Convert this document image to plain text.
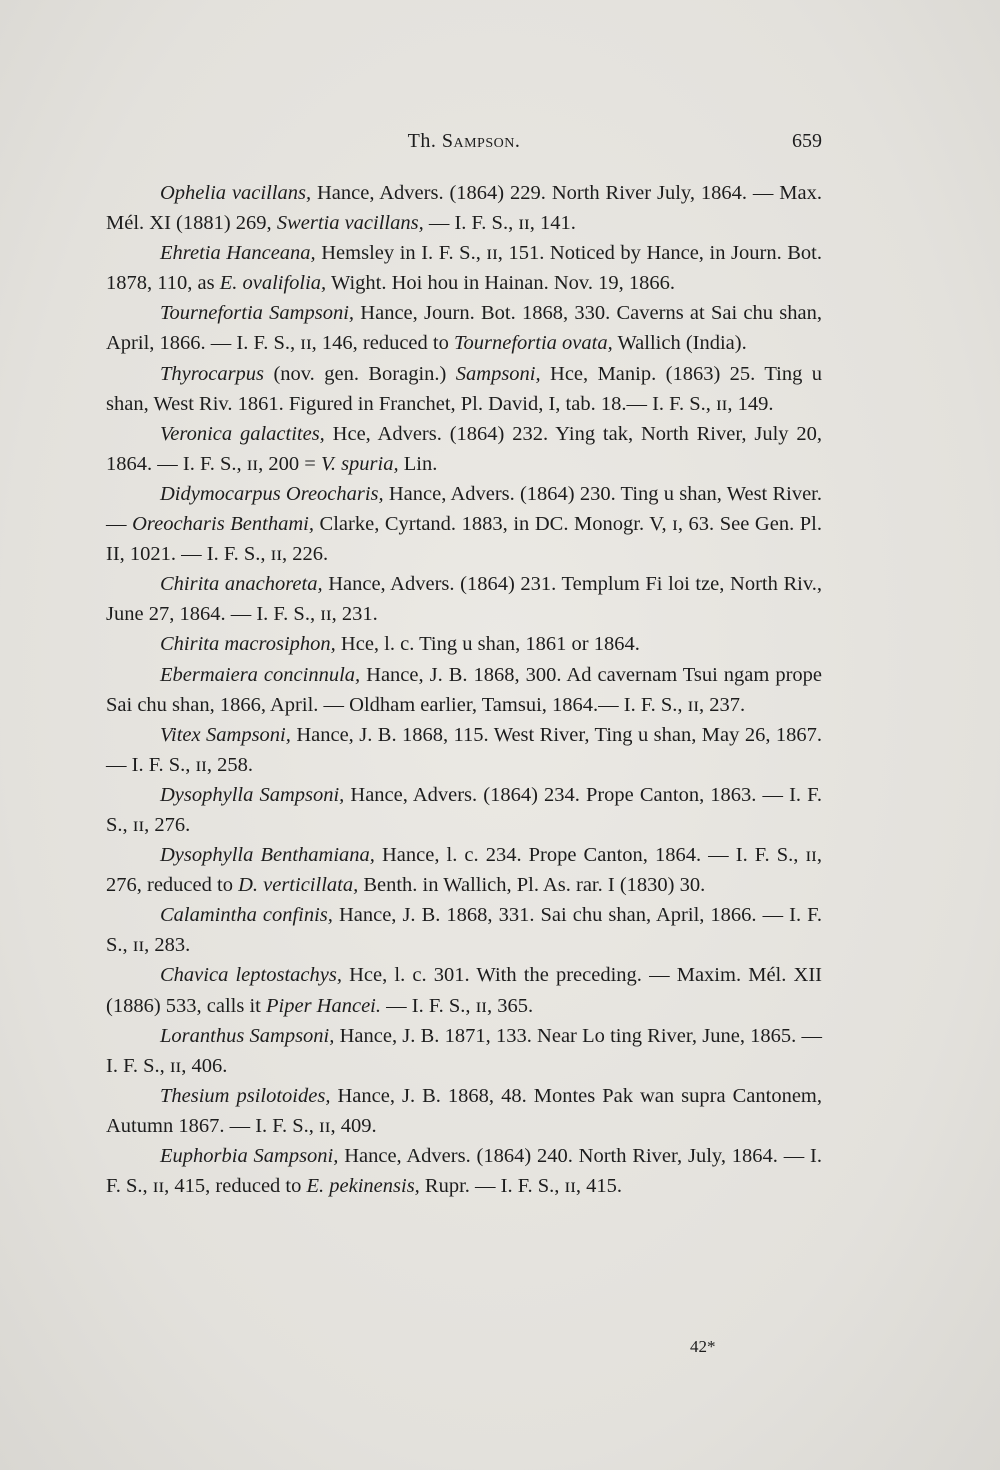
Th. Sampson.	659

Ophelia vacillans, Hance, Advers. (1864) 229. North River July, 1864. — Max. Mél. XI (1881) 269, Swertia vacillans, — I. F. S., ɪɪ, 141.

Ehretia Hanceana, Hemsley in I. F. S., ɪɪ, 151. Noticed by Hance, in Journ. Bot. 1878, 110, as E. ovalifolia, Wight. Hoi hou in Hainan. Nov. 19, 1866.

Tournefortia Sampsoni, Hance, Journ. Bot. 1868, 330. Caverns at Sai chu shan, April, 1866. — I. F. S., ɪɪ, 146, reduced to Tournefortia ovata, Wallich (India).

Thyrocarpus (nov. gen. Boragin.) Sampsoni, Hce, Manip. (1863) 25. Ting u shan, West Riv. 1861. Figured in Franchet, Pl. David, I, tab. 18.— I. F. S., ɪɪ, 149.

Veronica galactites, Hce, Advers. (1864) 232. Ying tak, North River, July 20, 1864. — I. F. S., ɪɪ, 200 = V. spuria, Lin.

Didymocarpus Oreocharis, Hance, Advers. (1864) 230. Ting u shan, West River. — Oreocharis Benthami, Clarke, Cyrtand. 1883, in DC. Monogr. V, ɪ, 63. See Gen. Pl. II, 1021. — I. F. S., ɪɪ, 226.

Chirita anachoreta, Hance, Advers. (1864) 231. Templum Fi loi tze, North Riv., June 27, 1864. — I. F. S., ɪɪ, 231.

Chirita macrosiphon, Hce, l. c. Ting u shan, 1861 or 1864.

Ebermaiera concinnula, Hance, J. B. 1868, 300. Ad cavernam Tsui ngam prope Sai chu shan, 1866, April. — Oldham earlier, Tamsui, 1864.— I. F. S., ɪɪ, 237.

Vitex Sampsoni, Hance, J. B. 1868, 115. West River, Ting u shan, May 26, 1867. — I. F. S., ɪɪ, 258.

Dysophylla Sampsoni, Hance, Advers. (1864) 234. Prope Canton, 1863. — I. F. S., ɪɪ, 276.

Dysophylla Benthamiana, Hance, l. c. 234. Prope Canton, 1864. — I. F. S., ɪɪ, 276, reduced to D. verticillata, Benth. in Wallich, Pl. As. rar. I (1830) 30.

Calamintha confinis, Hance, J. B. 1868, 331. Sai chu shan, April, 1866. — I. F. S., ɪɪ, 283.

Chavica leptostachys, Hce, l. c. 301. With the preceding. — Maxim. Mél. XII (1886) 533, calls it Piper Hancei. — I. F. S., ɪɪ, 365.

Loranthus Sampsoni, Hance, J. B. 1871, 133. Near Lo ting River, June, 1865. — I. F. S., ɪɪ, 406.

Thesium psilotoides, Hance, J. B. 1868, 48. Montes Pak wan supra Cantonem, Autumn 1867. — I. F. S., ɪɪ, 409.

Euphorbia Sampsoni, Hance, Advers. (1864) 240. North River, July, 1864. — I. F. S., ɪɪ, 415, reduced to E. pekinensis, Rupr. — I. F. S., ɪɪ, 415.

42*
